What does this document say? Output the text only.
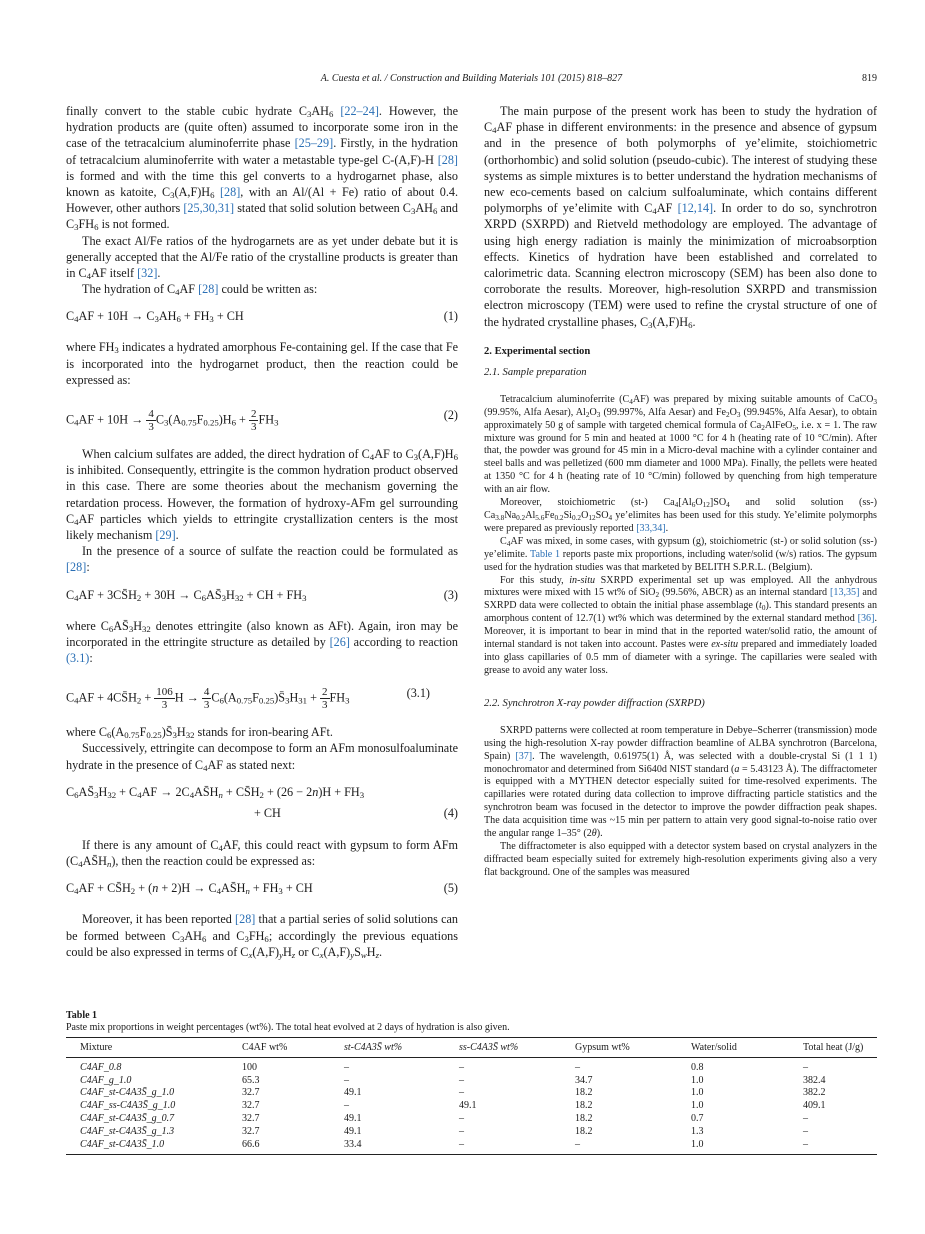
A. Cuesta et al. / Construction and Building Materials 101 (2015) 818–827	819

finally convert to the stable cubic hydrate $C_3AH_6$ [22–24]. However, the hydration products are (quite often) assumed to incorporate some iron in the case of the tetracalcium aluminoferrite phase [25–29]. Firstly, in the hydration of tetracalcium aluminoferrite with water a metastable type-gel C-(A,F)-H [28] is formed and with the time this gel converts to a hydrogarnet phase, also known as katoite, $C_3(A,F)H_6$ [28], with an Al/(Al + Fe) ratio of about 0.4. However, other authors [25,30,31] stated that solid solution between $C_3AH_6$ and $C_3FH_6$ is not formed.

The exact Al/Fe ratios of the hydrogarnets are as yet under debate but it is generally accepted that the Al/Fe ratio of the crystalline products is greater than in $C_4AF$ itself [32].

The hydration of $C_4AF$ [28] could be written as:

$C_4AF + 10H \to C_3AH_6 + FH_3$ + CH	(1)

where $FH_3$ indicates a hydrated amorphous Fe-containing gel. If the case that Fe is incorporated into the hydrogarnet product, then the reaction could be expressed as:

$C_4AF + 10H \to \frac{4}{3} C_3(A_{0.75}F_{0.25})H_6 + \frac{2}{3} FH_3$
(2)

When calcium sulfates are added, the direct hydration of $C_4AF$ to $C_3(A,F)H_6$ is inhibited. Consequently, ettringite is the common hydration product observed in this case. There are some theories about the mechanism governing the retardation process. However, the formation of hydroxy-AFm gel surrounding $C_4AF$ particles which yields to ettringite crystallization centers is the most likely mechanism [29].

In the presence of a source of sulfate the reaction could be formulated as [28]:

$C_4AF$ + $3CS̄H_2 + 30H$ → $C_6AS̄_3H_{32}$ + CH + $FH_3$	(3)

where $C_6AS̄_3H_{32}$ denotes ettringite (also known as AFt). Again, iron may be incorporated in the ettringite structure as detailed by [26] according to reaction (3.1):

$C_4AF$ + $4CS̄H_2 + \frac{106}{3}$ $H \to \frac{4}{3}$ $C_6(A_{0.75}F_{0.25})S̄_3H_{31} + \frac{2}{3} FH_3$
(3.1)

where $C_6(A_{0.75}F_{0.25})S̄_3H_{32}$ stands for iron-bearing AFt.

Successively, ettringite can decompose to form an AFm monosulfoaluminate hydrate in the presence of $C_4AF$ as stated next:

$C_6AS̄_3H_{32} + C_4AF$ → $2C_4AS̄H_n$ + $CS̄H_2 + (26 - 2n)H + FH_3$
+ CH	(4)

If there is any amount of $C_4AF$, this could react with gypsum to form AFm $(C_4AS̄H_n)$, then the reaction could be expressed as:

$C_4AF$ + $CS̄H_2 + (n + 2)H$ → $C_4AS̄H_n + FH_3$ + CH	(5)

Moreover, it has been reported [28] that a partial series of solid solutions can be formed between $C_3AH_6$ and $C_3FH_6$; accordingly the previous equations could be also expressed in terms of $C_x(A,F)_yH_z$ or $C_x(A,F)_yS_wH_z$.

The main purpose of the present work has been to study the hydration of $C_4AF$ phase in different environments: in the presence and absence of gypsum and in the presence of both polymorphs of ye’elimite, stoichiometric (orthorhombic) and solid solution (pseudo-cubic). The interest of studying these systems as simple mixtures is to better understand the hydration mechanisms of new eco-cements based on calcium sulfoaluminate, which contains different polymorphs of ye’elimite with $C_4AF$ [12,14]. In order to do so, synchrotron XRPD (SXRPD) and Rietveld methodology are employed. The advantage of using high energy radiation is mainly the minimization of microabsorption effects. Kinetics of hydration have been established and correlated to calorimetric data. Scanning electron microscopy (SEM) has been also done to corroborate the results. Moreover, high-resolution SXRPD and transmission electron microscopy (TEM) were used to refine the crystal structure of one of the hydrated crystalline phases, $C_3(A,F)H_6$.

2. Experimental section
2.1. Sample preparation

Tetracalcium aluminoferrite $(C_4AF)$ was prepared by mixing suitable amounts of CaCO$_3$ (99.95%, Alfa Aesar), $Al_2O_3$ (99.997%, Alfa Aesar) and $Fe_2O_3$ (99.945%, Alfa Aesar), to obtain approximately 50 g of sample with targeted chemical formula of $Ca_2AlFeO_5$, i.e. x = 1. The raw mixture was ground for 5 min and heated at 1000 °C for 4 h (heating rate of 10 °C/min). After that, the powder was ground for 45 min in a Micro-deval machine with a cylinder container and steel balls and was pelletized (600 mm diameter and 1000 MPa). Finally, the pellets were heated at 1350 °C for 4 h (heating rate of 10 °C/min) followed by quenching from high temperature with an air flow.

Moreover, stoichiometric (st-) $Ca_4[Al_6O_{12}]SO_4$ and solid solution (ss-) $Ca_{3.8}Na_{0.2}Al_{5.6}Fe_{0.2}Si_{0.2}O_{12}SO_4$ ye’elimites has been used for this study. Ye’elimite polymorphs were prepared as previously reported [33,34].

$C_4AF$ was mixed, in some cases, with gypsum (g), stoichiometric (st-) or solid solution (ss-) ye’elimite. Table 1 reports paste mix proportions, including water/solid (w/s) ratios. The gypsum used for the hydration studies was that marketed by BELITH S.P.R.L. (Belgium).

For this study, in-situ SXRPD experimental set up was employed. All the anhydrous mixtures were mixed with 15 wt% of SiO$_2$ (99.56%, ABCR) as an internal standard [13,35] and SXRPD data were collected to obtain the initial phase assemblage $(t_0)$. This standard presents an amorphous content of 12.7(1) wt% which was determined by the external standard method [36]. Moreover, it is important to bear in mind that in the reported water/solid ratio, the amount of internal standard is not taken into account. Pastes were ex-situ prepared and immediately loaded into glass capillaries of 0.5 mm of diameter with a syringe. The capillaries were sealed with grease to avoid any water loss.

2.2. Synchrotron X-ray powder diffraction (SXRPD)

SXRPD patterns were collected at room temperature in Debye–Scherrer (transmission) mode using the high-resolution X-ray powder diffraction beamline of ALBA synchrotron (Barcelona, Spain) [37]. The wavelength, 0.61975(1) Å, was selected with a double-crystal Si (1 1 1) monochromator and determined from Si640d NIST standard (a = 5.43123 Å). The diffractometer is equipped with a MYTHEN detector especially suited for time-resolved experiments. The capillaries were rotated during data collection to improve diffracting particle statistics and the synchrotron beam was focused in the detector to improve the powder diffraction peak shapes. The data acquisition time was ~15 min per pattern to attain very good signal-to-noise ratio over the angular range 1–35° (2θ).

The diffractometer is also equipped with a detector system based on crystal analyzers in the diffracted beam especially suited for extremely high-resolution experiments giving also a very flat background. One of the samples was measured

Table 1
Paste mix proportions in weight percentages (wt%). The total heat evolved at 2 days of hydration is also given.
Mixture	C4AF wt%	st-C4A3S̄ wt%	ss-C4A3S̄ wt%	Gypsum wt%	Water/solid	Total heat (J/g)
C4AF_0.8	100	–	–	–	0.8	–
C4AF_g_1.0	65.3	–	–	34.7	1.0	382.4
C4AF_st-C4A3S̄_g_1.0	32.7	49.1	–	18.2	1.0	382.2
C4AF_ss-C4A3S̄_g_1.0	32.7	–	49.1	18.2	1.0	409.1
C4AF_st-C4A3S̄_g_0.7	32.7	49.1	–	18.2	0.7	–
C4AF_st-C4A3S̄_g_1.3	32.7	49.1	–	18.2	1.3	–
C4AF_st-C4A3S̄_1.0	66.6	33.4	–	–	1.0	–
